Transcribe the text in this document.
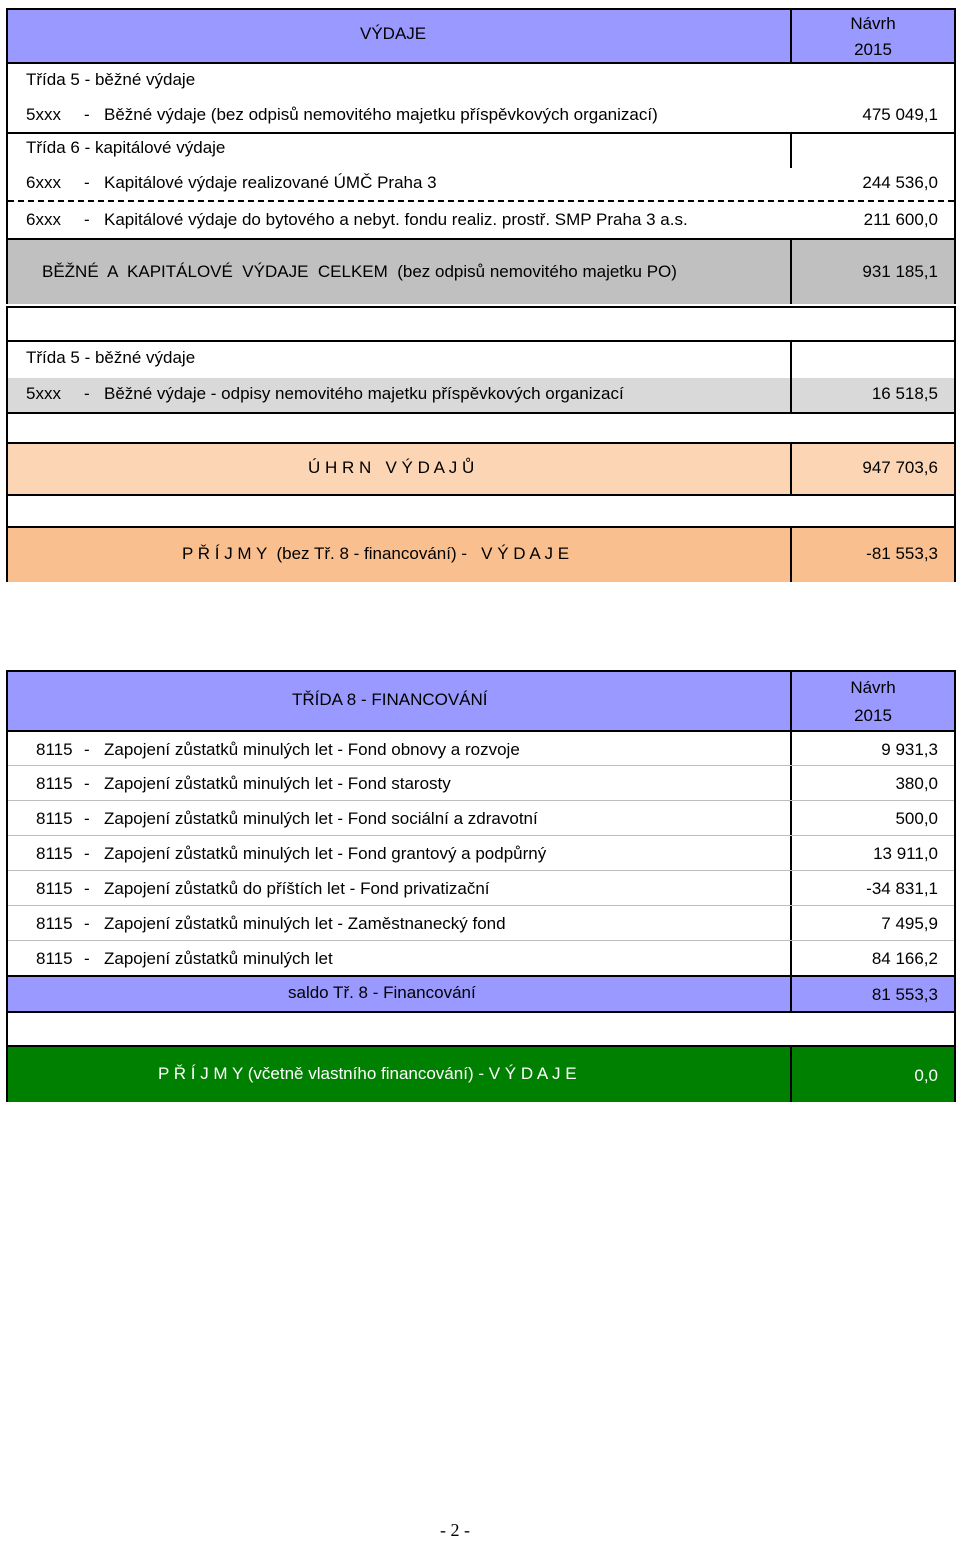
VÝDAJE
Návrh
2015
Třída 5 - běžné výdaje
5xxx - Běžné výdaje (bez odpisů nemovitého majetku příspěvkových organizací)	475 049,1
Třída 6 - kapitálové výdaje
6xxx - Kapitálové výdaje realizované ÚMČ Praha 3	244 536,0
6xxx - Kapitálové výdaje do bytového a nebyt. fondu realiz. prostř. SMP Praha 3 a.s.	211 600,0
BĚŽNÉ  A  KAPITÁLOVÉ  VÝDAJE  CELKEM  (bez odpisů nemovitého majetku PO)	931 185,1
Třída 5 - běžné výdaje
5xxx - Běžné výdaje - odpisy nemovitého majetku příspěvkových organizací	16 518,5
Ú H R N   V Ý D A J Ů	947 703,6
P Ř Í J M Y  (bez Tř. 8 - financování) -   V Ý D A J E	-81 553,3
TŘÍDA 8 - FINANCOVÁNÍ
Návrh
2015
8115 - Zapojení zůstatků minulých let - Fond obnovy a rozvoje	9 931,3
8115 - Zapojení zůstatků minulých let - Fond starosty	380,0
8115 - Zapojení zůstatků minulých let - Fond sociální a zdravotní	500,0
8115 - Zapojení zůstatků minulých let - Fond grantový a podpůrný	13 911,0
8115 - Zapojení zůstatků do příštích let - Fond privatizační	-34 831,1
8115 - Zapojení zůstatků minulých let - Zaměstnanecký fond	7 495,9
8115 - Zapojení zůstatků minulých let	84 166,2
saldo Tř. 8 - Financování	81 553,3
P Ř Í J M Y (včetně vlastního financování) - V Ý D A J E	0,0
- 2 -
